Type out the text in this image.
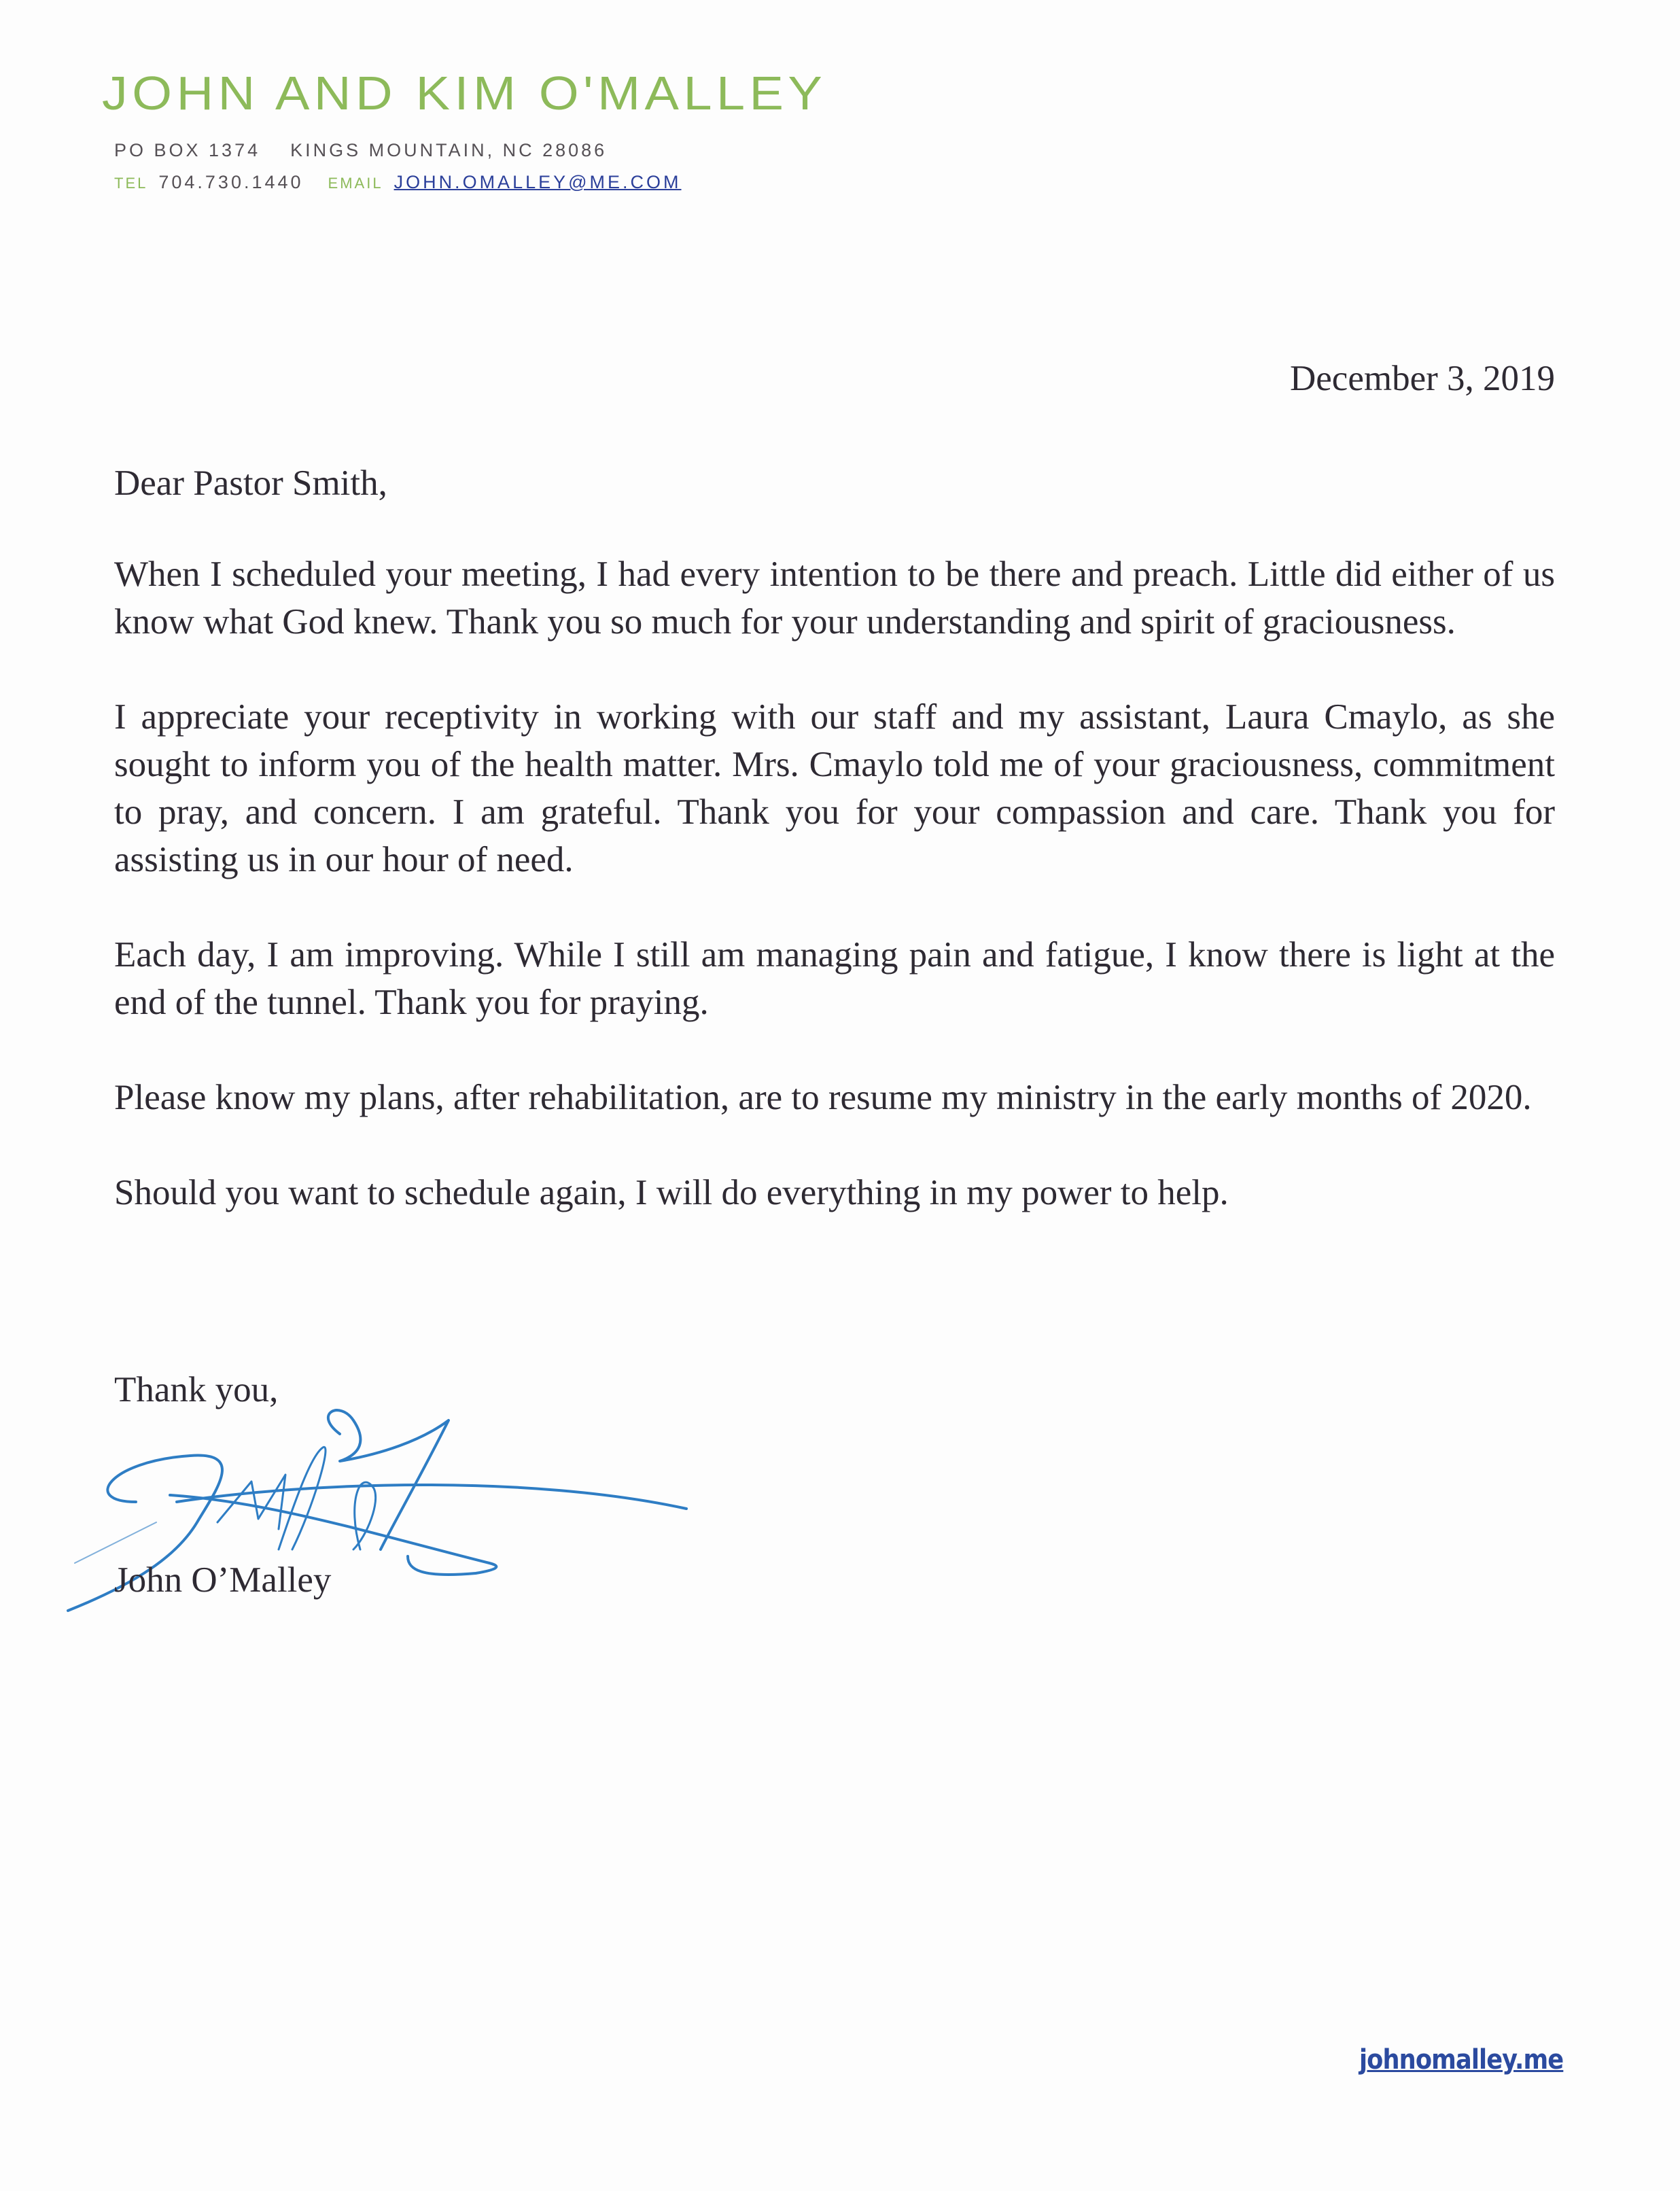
JOHN AND KIM O'MALLEY
PO BOX 1374 KINGS MOUNTAIN, NC 28086
TEL 704.730.1440 EMAIL JOHN.OMALLEY@ME.COM
December 3, 2019
Dear Pastor Smith,

When I scheduled your meeting, I had every intention to be there and preach. Little did either of us know what God knew. Thank you so much for your understanding and spirit of graciousness.

I appreciate your receptivity in working with our staff and my assistant, Laura Cmaylo, as she sought to inform you of the health matter. Mrs. Cmaylo told me of your graciousness, commitment to pray, and concern. I am grateful. Thank you for your compassion and care. Thank you for assisting us in our hour of need.

Each day, I am improving. While I still am managing pain and fatigue, I know there is light at the end of the tunnel. Thank you for praying.

Please know my plans, after rehabilitation, are to resume my ministry in the early months of 2020.

Should you want to schedule again, I will do everything in my power to help.

Thank you,
John O’Malley
johnomalley.me
